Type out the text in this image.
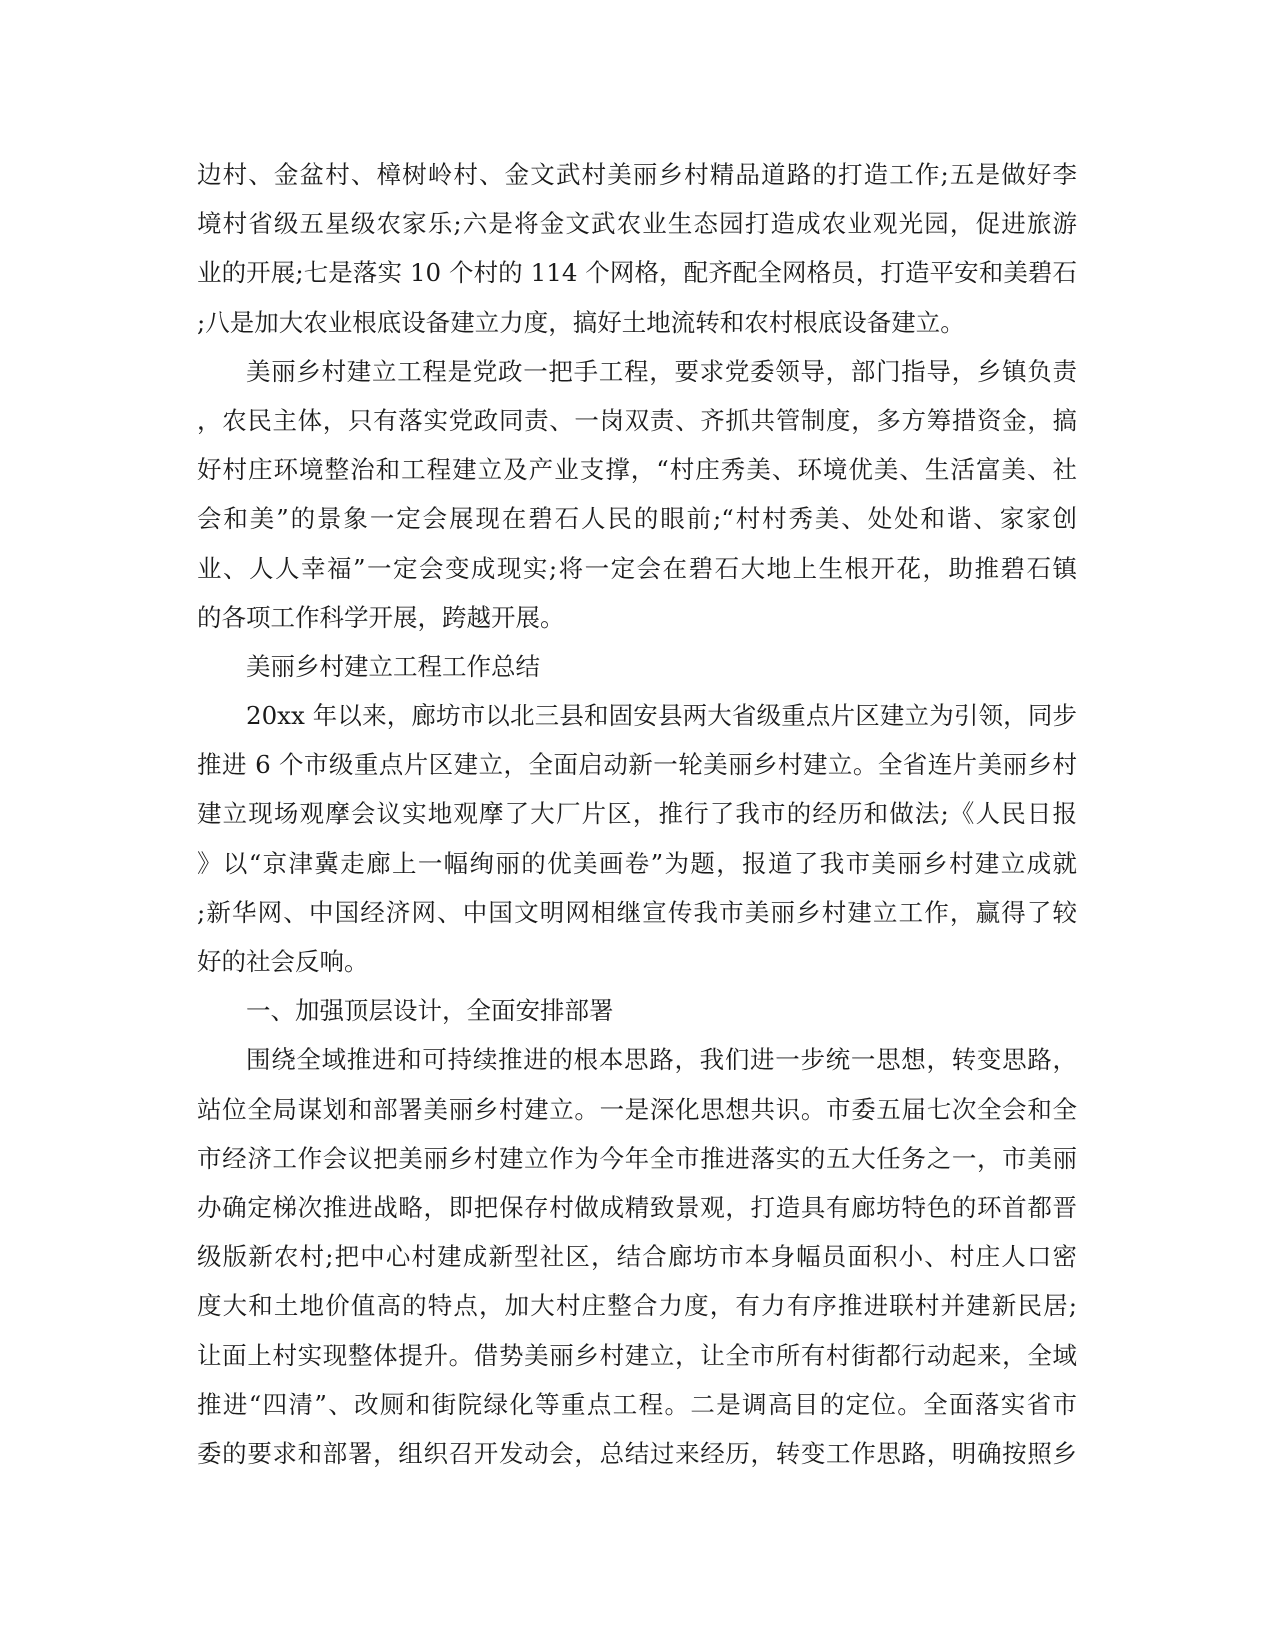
边村、金盆村、樟树岭村、金文武村美丽乡村精品道路的打造工作;五是做好李
境村省级五星级农家乐;六是将金文武农业生态园打造成农业观光园，促进旅游
业的开展;七是落实 10 个村的 114 个网格，配齐配全网格员，打造平安和美碧石
;八是加大农业根底设备建立力度，搞好土地流转和农村根底设备建立。
美丽乡村建立工程是党政一把手工程，要求党委领导，部门指导，乡镇负责
，农民主体，只有落实党政同责、一岗双责、齐抓共管制度，多方筹措资金，搞
好村庄环境整治和工程建立及产业支撑，“村庄秀美、环境优美、生活富美、社
会和美”的景象一定会展现在碧石人民的眼前;“村村秀美、处处和谐、家家创
业、人人幸福”一定会变成现实;将一定会在碧石大地上生根开花，助推碧石镇
的各项工作科学开展，跨越开展。
美丽乡村建立工程工作总结
20xx 年以来，廊坊市以北三县和固安县两大省级重点片区建立为引领，同步
推进 6 个市级重点片区建立，全面启动新一轮美丽乡村建立。全省连片美丽乡村
建立现场观摩会议实地观摩了大厂片区，推行了我市的经历和做法;《人民日报
》以“京津冀走廊上一幅绚丽的优美画卷”为题，报道了我市美丽乡村建立成就
;新华网、中国经济网、中国文明网相继宣传我市美丽乡村建立工作，赢得了较
好的社会反响。
一、加强顶层设计，全面安排部署
围绕全域推进和可持续推进的根本思路，我们进一步统一思想，转变思路，
站位全局谋划和部署美丽乡村建立。一是深化思想共识。市委五届七次全会和全
市经济工作会议把美丽乡村建立作为今年全市推进落实的五大任务之一，市美丽
办确定梯次推进战略，即把保存村做成精致景观，打造具有廊坊特色的环首都晋
级版新农村;把中心村建成新型社区，结合廊坊市本身幅员面积小、村庄人口密
度大和土地价值高的特点，加大村庄整合力度，有力有序推进联村并建新民居;
让面上村实现整体提升。借势美丽乡村建立，让全市所有村街都行动起来，全域
推进“四清”、改厕和街院绿化等重点工程。二是调高目的定位。全面落实省市
委的要求和部署，组织召开发动会，总结过来经历，转变工作思路，明确按照乡
